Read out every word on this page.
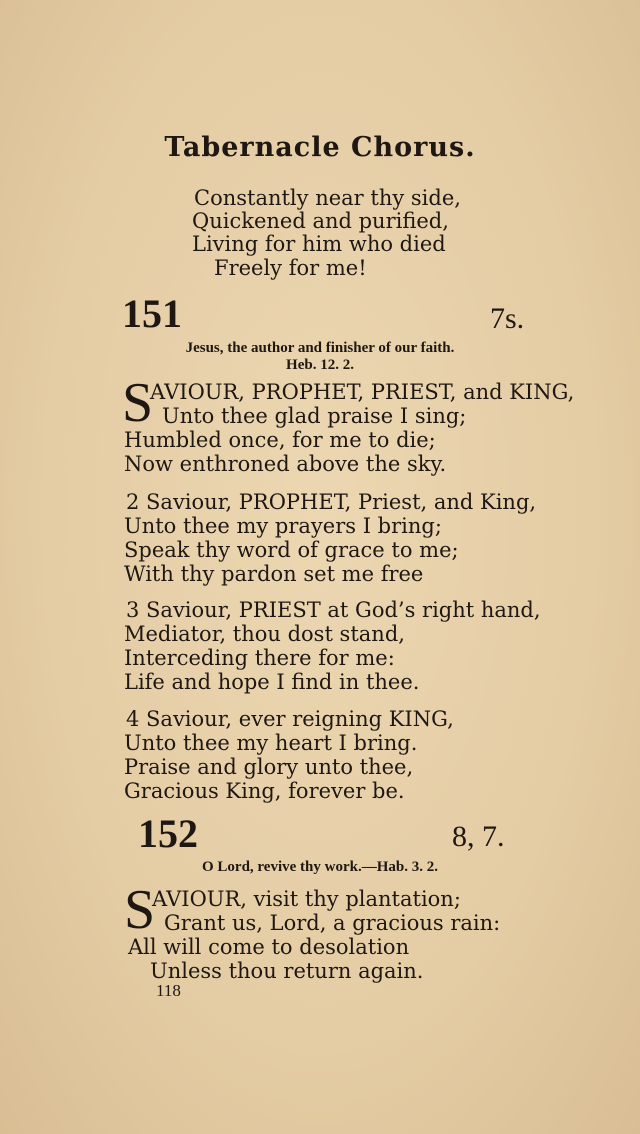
Tabernacle Chorus.
Constantly near thy side,
Quickened and purified,
Living for him who died
Freely for me!
151	7s.
Jesus, the author and finisher of our faith.
Heb. 12. 2.
S
AVIOUR, PROPHET, PRIEST, and KING,
Unto thee glad praise I sing;
Humbled once, for me to die;
Now enthroned above the sky.
2 Saviour, PROPHET, Priest, and King,
Unto thee my prayers I bring;
Speak thy word of grace to me;
With thy pardon set me free
3 Saviour, PRIEST at God’s right hand,
Mediator, thou dost stand,
Interceding there for me:
Life and hope I find in thee.
4 Saviour, ever reigning KING,
Unto thee my heart I bring.
Praise and glory unto thee,
Gracious King, forever be.
152	8, 7.
O Lord, revive thy work.—Hab. 3. 2.
S
AVIOUR, visit thy plantation;
Grant us, Lord, a gracious rain:
All will come to desolation
Unless thou return again.
118
